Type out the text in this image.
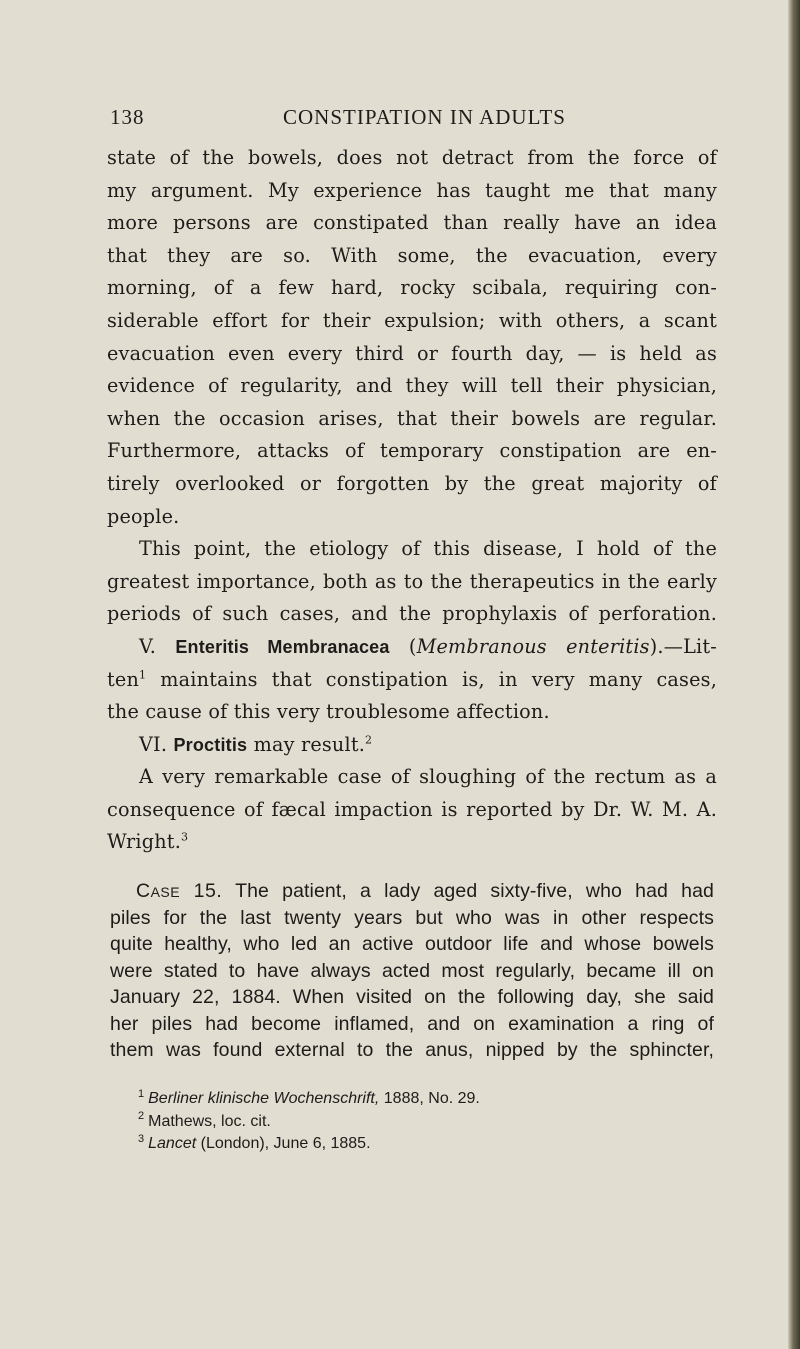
138	CONSTIPATION IN ADULTS

state of the bowels, does not detract from the force of

my argument. My experience has taught me that many

more persons are constipated than really have an idea

that they are so. With some, the evacuation, every

morning, of a few hard, rocky scibala, requiring con-

siderable effort for their expulsion; with others, a scant

evacuation even every third or fourth day, — is held as

evidence of regularity, and they will tell their physician,

when the occasion arises, that their bowels are regular.

Furthermore, attacks of temporary constipation are en-

tirely overlooked or forgotten by the great majority of

people.

This point, the etiology of this disease, I hold of the

greatest importance, both as to the therapeutics in the early

periods of such cases, and the prophylaxis of perforation.

V. Enteritis Membranacea (Membranous enteritis).—Lit-

ten$^1$ maintains that constipation is, in very many cases,

the cause of this very troublesome affection.

VI. Proctitis may result.$^2$

A very remarkable case of sloughing of the rectum as a

consequence of fæcal impaction is reported by Dr. W. M. A.

Wright.$^3$

Case 15. The patient, a lady aged sixty-five, who had had

piles for the last twenty years but who was in other respects

quite healthy, who led an active outdoor life and whose bowels

were stated to have always acted most regularly, became ill on

January 22, 1884. When visited on the following day, she said

her piles had become inflamed, and on examination a ring of

them was found external to the anus, nipped by the sphincter,

$^1$ Berliner klinische Wochenschrift, 1888, No. 29.

$^2$ Mathews, loc. cit.

$^3$ Lancet (London), June 6, 1885.
